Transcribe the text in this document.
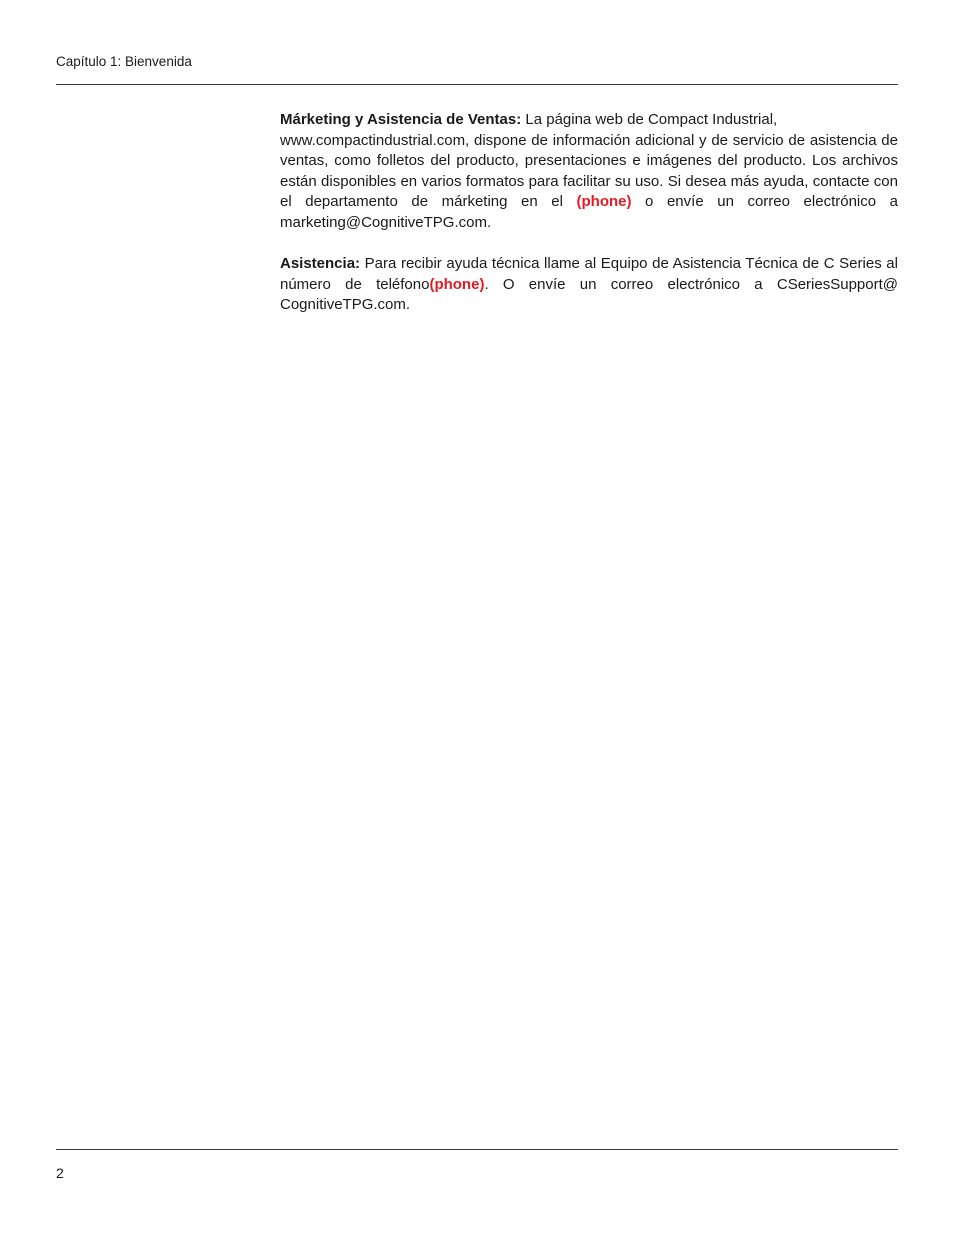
Capítulo 1: Bienvenida

Márketing y Asistencia de Ventas: La página web de Compact Industrial,
www.compactindustrial.com, dispone de información adicional y de servicio de asistencia de ventas, como folletos del producto, presentaciones e imágenes del producto. Los archivos están disponibles en varios formatos para facilitar su uso. Si desea más ayuda, contacte con el departamento de márketing en el (phone) o envíe un correo electrónico a marketing@CognitiveTPG.com.

Asistencia: Para recibir ayuda técnica llame al Equipo de Asistencia Técnica de C Series al número de teléfono(phone). O envíe un correo electrónico a CSeriesSupport@ CognitiveTPG.com.

2
